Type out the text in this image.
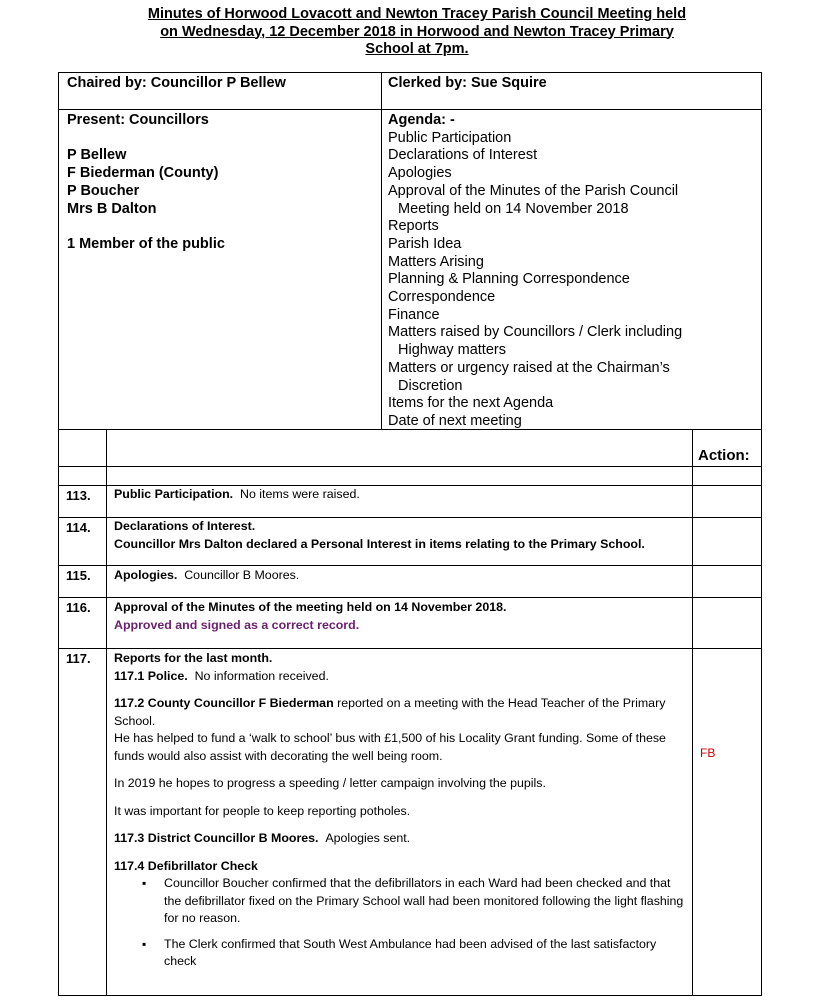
Minutes of Horwood Lovacott and Newton Tracey Parish Council Meeting held
on Wednesday, 12 December 2018 in Horwood and Newton Tracey Primary
School at 7pm.
Chaired by: Councillor P Bellew	Clerked by: Sue Squire
Present: Councillors
P Bellew
F Biederman (County)
P Boucher
Mrs B Dalton
1 Member of the public
Agenda: -
Public Participation
Declarations of Interest
Apologies
Approval of the Minutes of the Parish Council
Meeting held on 14 November 2018
Reports
Parish Idea
Matters Arising
Planning & Planning Correspondence
Correspondence
Finance
Matters raised by Councillors / Clerk including
Highway matters
Matters or urgency raised at the Chairman’s
Discretion
Items for the next Agenda
Date of next meeting
Action:
113. Public Participation. No items were raised.
114. Declarations of Interest.
Councillor Mrs Dalton declared a Personal Interest in items relating to the Primary School.
115. Apologies. Councillor B Moores.
116. Approval of the Minutes of the meeting held on 14 November 2018.
Approved and signed as a correct record.
117. Reports for the last month.

117.1 Police. No information received.

117.2 County Councillor F Biederman reported on a meeting with the Head Teacher of the Primary School.

He has helped to fund a ‘walk to school’ bus with £1,500 of his Locality Grant funding. Some of these funds would also assist with decorating the well being room.

In 2019 he hopes to progress a speeding / letter campaign involving the pupils.

It was important for people to keep reporting potholes.

117.3 District Councillor B Moores. Apologies sent.

117.4 Defibrillator Check
▪ Councillor Boucher confirmed that the defibrillators in each Ward had been checked and that the defibrillator fixed on the Primary School wall had been monitored following the light flashing for no reason.
▪ The Clerk confirmed that South West Ambulance had been advised of the last satisfactory check
FB
